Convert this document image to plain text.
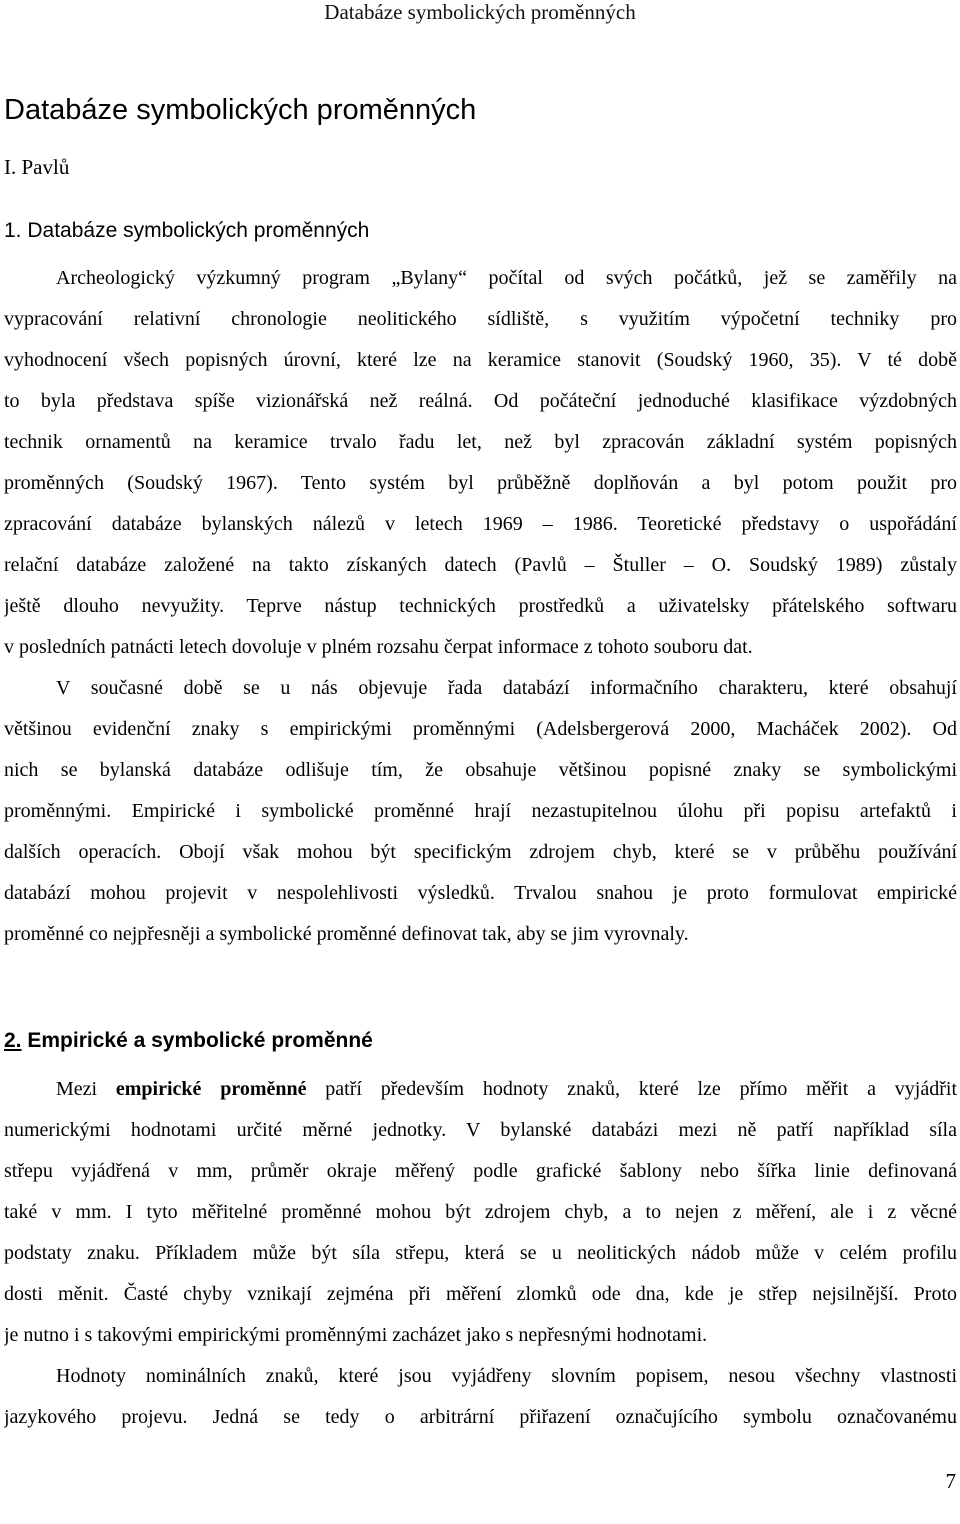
Databáze symbolických proměnných
Databáze symbolických proměnných
I. Pavlů
1. Databáze symbolických proměnných
Archeologický výzkumný program „Bylany“ počítal od svých počátků, jež se zaměřily na
vypracování relativní chronologie neolitického sídliště, s využitím výpočetní techniky pro
vyhodnocení všech popisných úrovní, které lze na keramice stanovit (Soudský 1960, 35). V té době
to byla představa spíše vizionářská než reálná. Od počáteční jednoduché klasifikace výzdobných
technik ornamentů na keramice trvalo řadu let, než byl zpracován základní systém popisných
proměnných (Soudský 1967). Tento systém byl průběžně doplňován a byl potom použit pro
zpracování databáze bylanských nálezů v letech 1969 – 1986. Teoretické představy o uspořádání
relační databáze založené na takto získaných datech (Pavlů – Štuller – O. Soudský 1989) zůstaly
ještě dlouho nevyužity. Teprve nástup technických prostředků a uživatelsky přátelského softwaru
v posledních patnácti letech dovoluje v plném rozsahu čerpat informace z tohoto souboru dat.
V současné době se u nás objevuje řada databází informačního charakteru, které obsahují
většinou evidenční znaky s empirickými proměnnými (Adelsbergerová 2000, Macháček 2002). Od
nich se bylanská databáze odlišuje tím, že obsahuje většinou popisné znaky se symbolickými
proměnnými. Empirické i symbolické proměnné hrají nezastupitelnou úlohu při popisu artefaktů i
dalších operacích. Obojí však mohou být specifickým zdrojem chyb, které se v průběhu používání
databází mohou projevit v nespolehlivosti výsledků. Trvalou snahou je proto formulovat empirické
proměnné co nejpřesněji a symbolické proměnné definovat tak, aby se jim vyrovnaly.
2. Empirické a symbolické proměnné
Mezi empirické proměnné patří především hodnoty znaků, které lze přímo měřit a vyjádřit
numerickými hodnotami určité měrné jednotky. V bylanské databázi mezi ně patří například síla
střepu vyjádřená v mm, průměr okraje měřený podle grafické šablony nebo šířka linie definovaná
také v mm. I tyto měřitelné proměnné mohou být zdrojem chyb, a to nejen z měření, ale i z věcné
podstaty znaku. Příkladem může být síla střepu, která se u neolitických nádob může v celém profilu
dosti měnit. Časté chyby vznikají zejména při měření zlomků ode dna, kde je střep nejsilnější. Proto
je nutno i s takovými empirickými proměnnými zacházet jako s nepřesnými hodnotami.
Hodnoty nominálních znaků, které jsou vyjádřeny slovním popisem, nesou všechny vlastnosti
jazykového projevu. Jedná se tedy o arbitrární přiřazení označujícího symbolu označovanému
7
